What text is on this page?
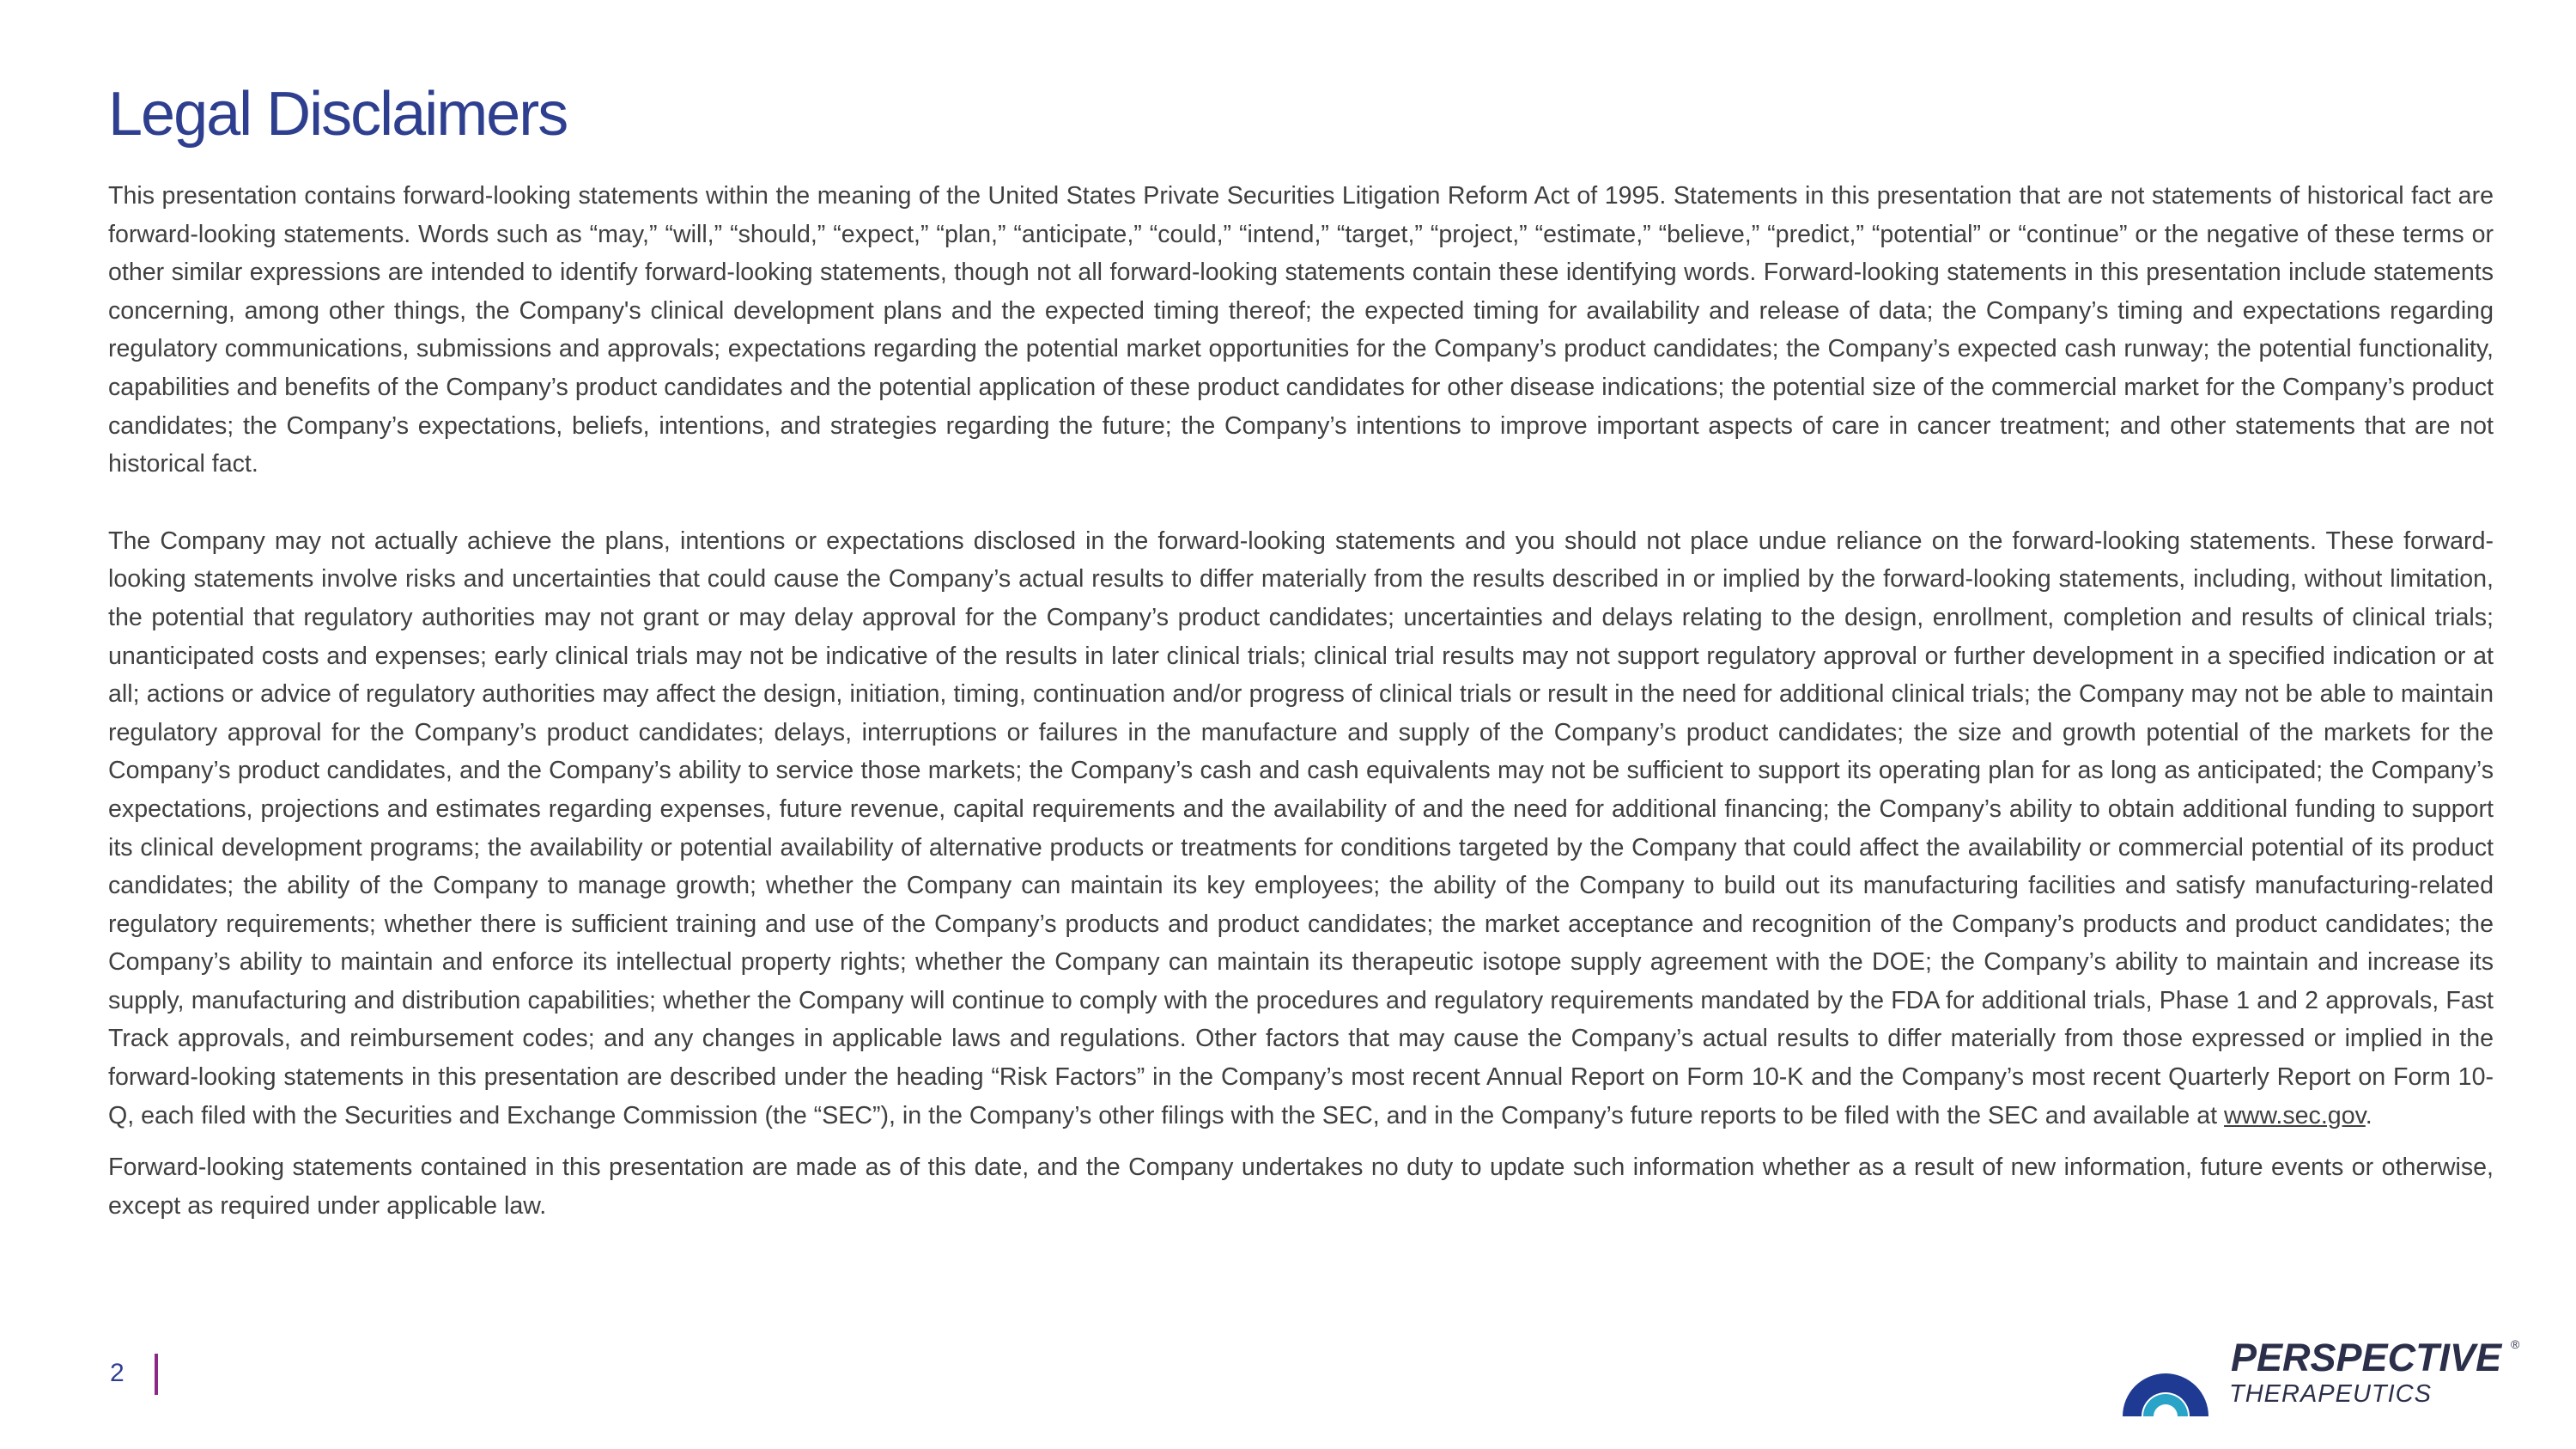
Legal Disclaimers

This presentation contains forward-looking statements within the meaning of the United States Private Securities Litigation Reform Act of 1995. Statements in this presentation that are not statements of historical fact are forward-looking statements. Words such as “may,” “will,” “should,” “expect,” “plan,” “anticipate,” “could,” “intend,” “target,” “project,” “estimate,” “believe,” “predict,” “potential” or “continue” or the negative of these terms or other similar expressions are intended to identify forward-looking statements, though not all forward-looking statements contain these identifying words. Forward-looking statements in this presentation include statements concerning, among other things, the Company's clinical development plans and the expected timing thereof; the expected timing for availability and release of data; the Company’s timing and expectations regarding regulatory communications, submissions and approvals; expectations regarding the potential market opportunities for the Company’s product candidates; the Company’s expected cash runway; the potential functionality, capabilities and benefits of the Company’s product candidates and the potential application of these product candidates for other disease indications; the potential size of the commercial market for the Company’s product candidates; the Company’s expectations, beliefs, intentions, and strategies regarding the future; the Company’s intentions to improve important aspects of care in cancer treatment; and other statements that are not historical fact.

The Company may not actually achieve the plans, intentions or expectations disclosed in the forward-looking statements and you should not place undue reliance on the forward-looking statements. These forward-looking statements involve risks and uncertainties that could cause the Company’s actual results to differ materially from the results described in or implied by the forward-looking statements, including, without limitation, the potential that regulatory authorities may not grant or may delay approval for the Company’s product candidates; uncertainties and delays relating to the design, enrollment, completion and results of clinical trials; unanticipated costs and expenses; early clinical trials may not be indicative of the results in later clinical trials; clinical trial results may not support regulatory approval or further development in a specified indication or at all; actions or advice of regulatory authorities may affect the design, initiation, timing, continuation and/or progress of clinical trials or result in the need for additional clinical trials; the Company may not be able to maintain regulatory approval for the Company’s product candidates; delays, interruptions or failures in the manufacture and supply of the Company’s product candidates; the size and growth potential of the markets for the Company’s product candidates, and the Company’s ability to service those markets; the Company’s cash and cash equivalents may not be sufficient to support its operating plan for as long as anticipated; the Company’s expectations, projections and estimates regarding expenses, future revenue, capital requirements and the availability of and the need for additional financing; the Company’s ability to obtain additional funding to support its clinical development programs; the availability or potential availability of alternative products or treatments for conditions targeted by the Company that could affect the availability or commercial potential of its product candidates; the ability of the Company to manage growth; whether the Company can maintain its key employees; the ability of the Company to build out its manufacturing facilities and satisfy manufacturing-related regulatory requirements; whether there is sufficient training and use of the Company’s products and product candidates; the market acceptance and recognition of the Company’s products and product candidates; the Company’s ability to maintain and enforce its intellectual property rights; whether the Company can maintain its therapeutic isotope supply agreement with the DOE; the Company’s ability to maintain and increase its supply, manufacturing and distribution capabilities; whether the Company will continue to comply with the procedures and regulatory requirements mandated by the FDA for additional trials, Phase 1 and 2 approvals, Fast Track approvals, and reimbursement codes; and any changes in applicable laws and regulations. Other factors that may cause the Company’s actual results to differ materially from those expressed or implied in the forward-looking statements in this presentation are described under the heading “Risk Factors” in the Company’s most recent Annual Report on Form 10-K and the Company’s most recent Quarterly Report on Form 10-Q, each filed with the Securities and Exchange Commission (the “SEC”), in the Company’s other filings with the SEC, and in the Company’s future reports to be filed with the SEC and available at www.sec.gov.

Forward-looking statements contained in this presentation are made as of this date, and the Company undertakes no duty to update such information whether as a result of new information, future events or otherwise, except as required under applicable law.

2	PERSPECTIVE ®
THERAPEUTICS
